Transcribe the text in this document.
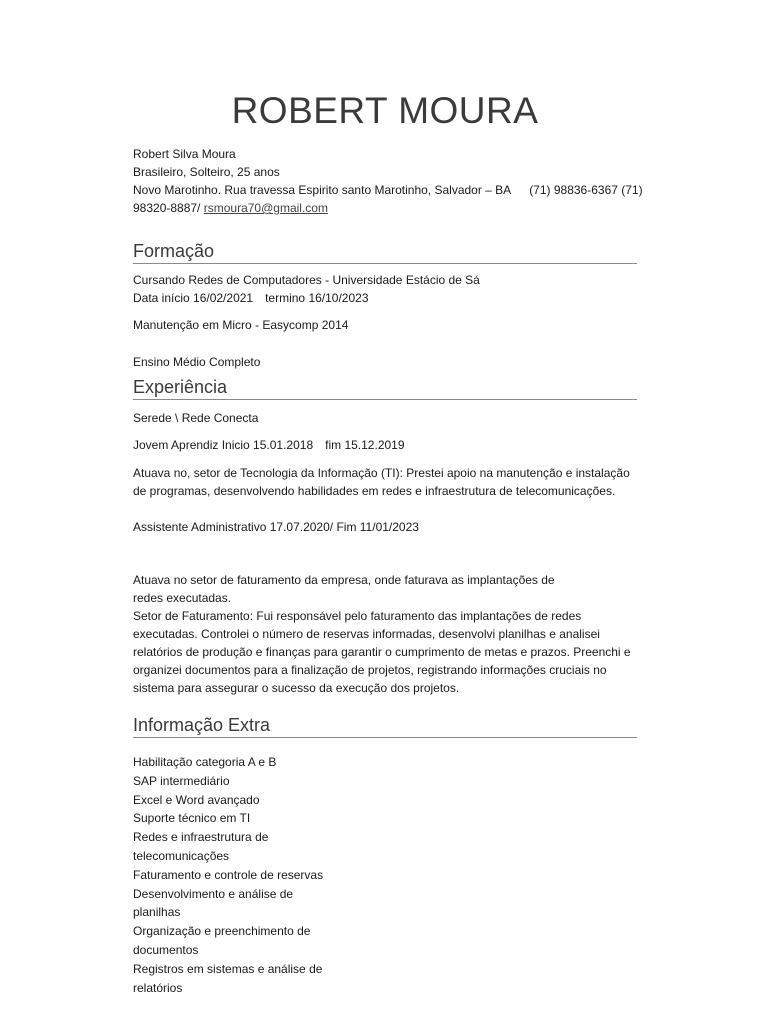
ROBERT MOURA

Robert Silva Moura

Brasileiro, Solteiro, 25 anos

Novo Marotinho. Rua travessa Espirito santo Marotinho, Salvador – BA (71) 98836-6367 (71)

98320-8887/ rsmoura70@gmail.com

Formação

Cursando Redes de Computadores - Universidade Estácio de Sá

Data início 16/02/2021 termino 16/10/2023

Manutenção em Micro - Easycomp 2014

Ensino Médio Completo

Experiência

Serede \ Rede Conecta

Jovem Aprendiz Inicio 15.01.2018 fim 15.12.2019

Atuava no, setor de Tecnologia da Informação (TI): Prestei apoio na manutenção e instalação de programas, desenvolvendo habilidades em redes e infraestrutura de telecomunicações.

Assistente Administrativo 17.07.2020/ Fim 11/01/2023

Atuava no setor de faturamento da empresa, onde faturava as implantações de redes executadas.

Setor de Faturamento: Fui responsável pelo faturamento das implantações de redes executadas. Controlei o número de reservas informadas, desenvolvi planilhas e analisei relatórios de produção e finanças para garantir o cumprimento de metas e prazos. Preenchi e organizei documentos para a finalização de projetos, registrando informações cruciais no sistema para assegurar o sucesso da execução dos projetos.

Informação Extra
Habilitação categoria A e B
SAP intermediário
Excel e Word avançado
Suporte técnico em TI
Redes e infraestrutura de telecomunicações
Faturamento e controle de reservas
Desenvolvimento e análise de planilhas
Organização e preenchimento de documentos
Registros em sistemas e análise de relatórios
